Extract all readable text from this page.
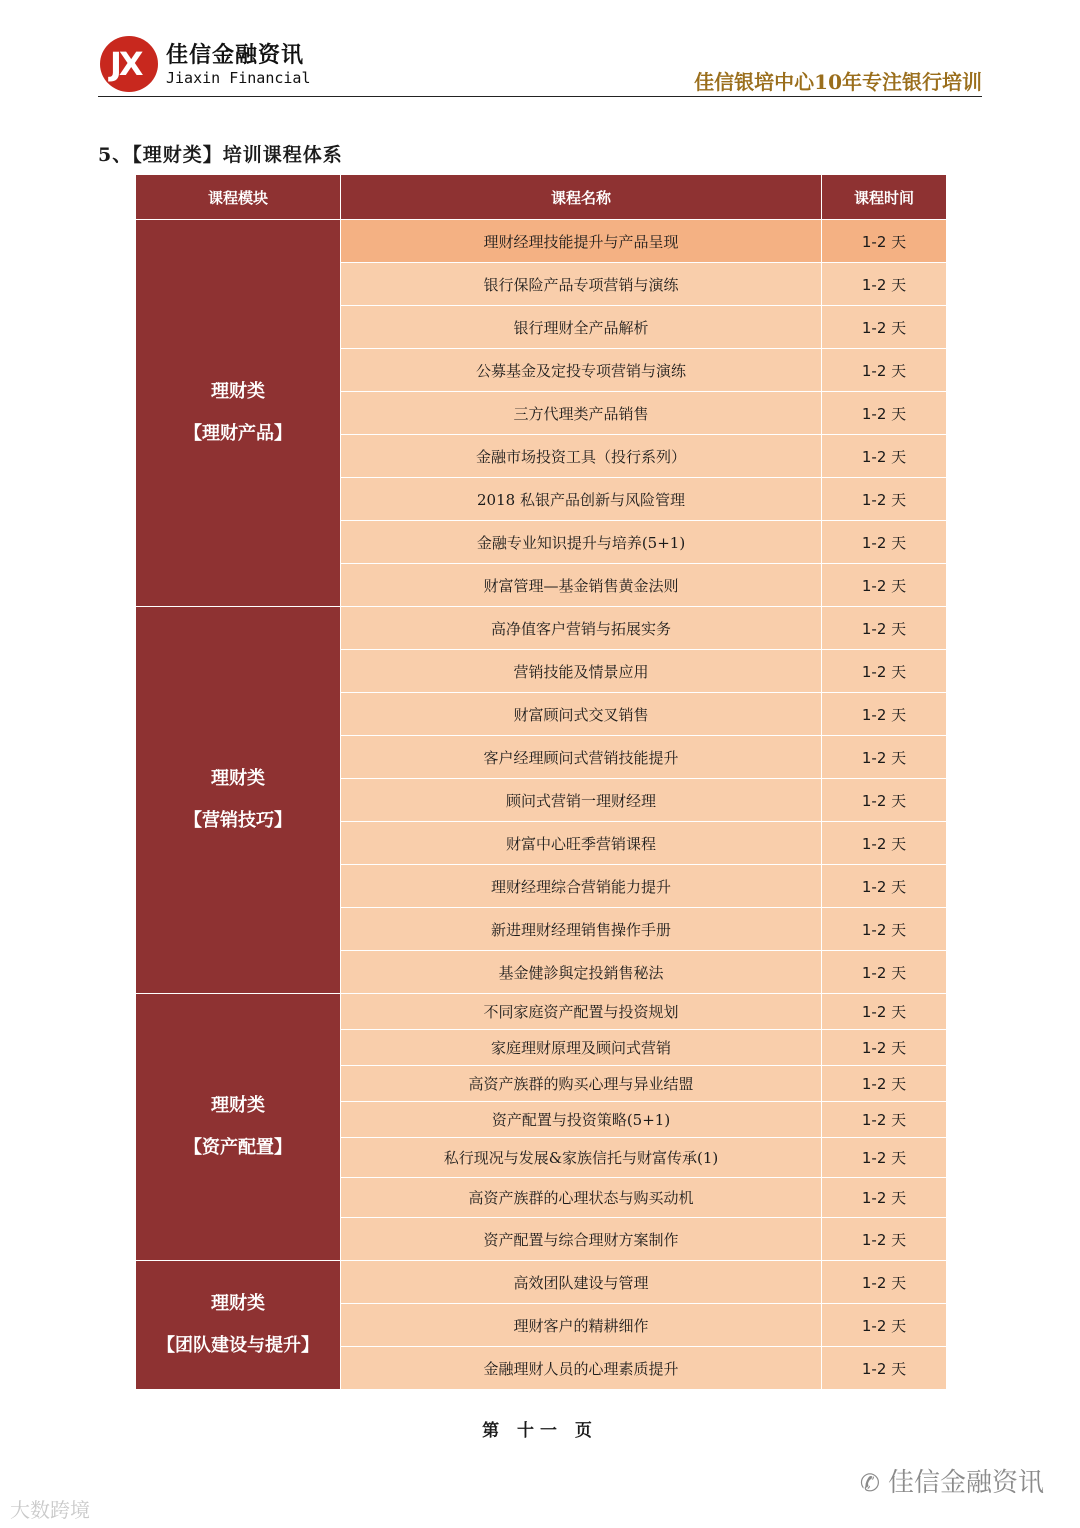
JX 佳信金融资讯
Jiaxin Financial	佳信银培中心10年专注银行培训
5、【理财类】培训课程体系
课程模块	课程名称	课程时间

理财类
【理财产品】	理财经理技能提升与产品呈现	1-2 天
	银行保险产品专项营销与演练	1-2 天
	银行理财全产品解析	1-2 天
	公募基金及定投专项营销与演练	1-2 天
	三方代理类产品销售	1-2 天
	金融市场投资工具（投行系列）	1-2 天
	2018 私银产品创新与风险管理	1-2 天
	金融专业知识提升与培养(5+1)	1-2 天
	财富管理—基金销售黄金法则	1-2 天

理财类
【营销技巧】	高净值客户营销与拓展实务	1-2 天
	营销技能及情景应用	1-2 天
	财富顾问式交叉销售	1-2 天
	客户经理顾问式营销技能提升	1-2 天
	顾问式营销一理财经理	1-2 天
	财富中心旺季营销课程	1-2 天
	理财经理综合营销能力提升	1-2 天
	新进理财经理销售操作手册	1-2 天
	基金健診與定投銷售秘法	1-2 天

理财类
【资产配置】	不同家庭资产配置与投资规划	1-2 天
	家庭理财原理及顾问式营销	1-2 天
	高资产族群的购买心理与异业结盟	1-2 天
	资产配置与投资策略(5+1)	1-2 天
	私行现况与发展&家族信托与财富传承(1)	1-2 天
	高资产族群的心理状态与购买动机	1-2 天
	资产配置与综合理财方案制作	1-2 天

理财类
【团队建设与提升】	高效团队建设与管理	1-2 天
	理财客户的精耕细作	1-2 天
	金融理财人员的心理素质提升	1-2 天
第 十一 页
大数跨境
✆ 佳信金融资讯
